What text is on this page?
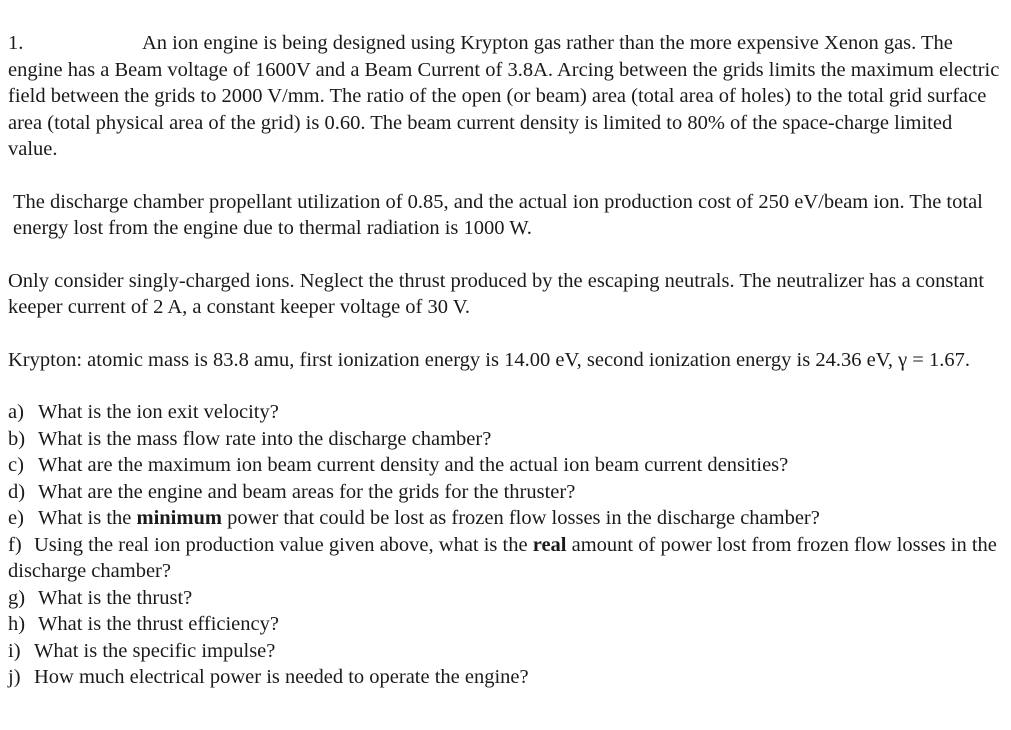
1.	An ion engine is being designed using Krypton gas rather than the more expensive Xenon gas. The engine has a Beam voltage of 1600V and a Beam Current of 3.8A. Arcing between the grids limits the maximum electric field between the grids to 2000 V/mm. The ratio of the open (or beam) area (total area of holes) to the total grid surface area (total physical area of the grid) is 0.60. The beam current density is limited to 80% of the space-charge limited value.

The discharge chamber propellant utilization of 0.85, and the actual ion production cost of 250 eV/beam ion. The total energy lost from the engine due to thermal radiation is 1000 W.

Only consider singly-charged ions. Neglect the thrust produced by the escaping neutrals. The neutralizer has a constant keeper current of 2 A, a constant keeper voltage of 30 V.

Krypton: atomic mass is 83.8 amu, first ionization energy is 14.00 eV, second ionization energy is 24.36 eV, γ = 1.67.

a) What is the ion exit velocity?
b) What is the mass flow rate into the discharge chamber?
c) What are the maximum ion beam current density and the actual ion beam current densities?
d) What are the engine and beam areas for the grids for the thruster?
e) What is the minimum power that could be lost as frozen flow losses in the discharge chamber?
f) Using the real ion production value given above, what is the real amount of power lost from frozen flow losses in the discharge chamber?
g) What is the thrust?
h) What is the thrust efficiency?
i) What is the specific impulse?
j) How much electrical power is needed to operate the engine?
